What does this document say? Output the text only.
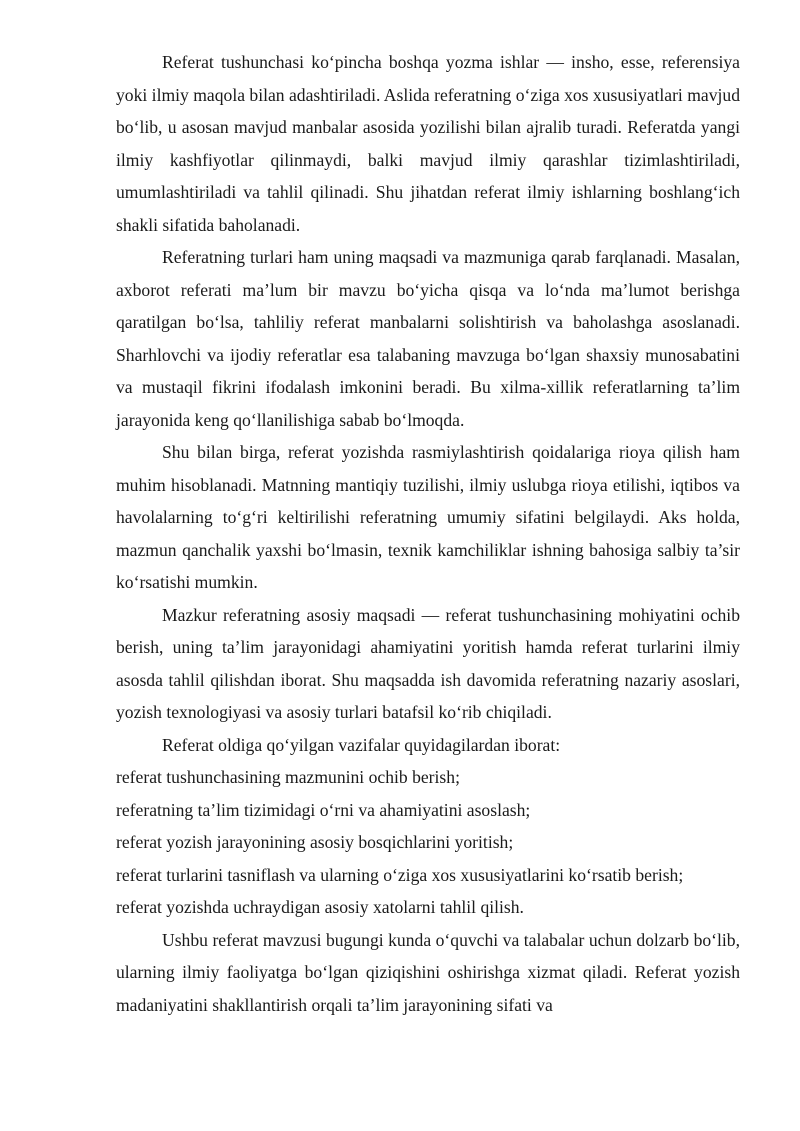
Referat tushunchasi ko‘pincha boshqa yozma ishlar — insho, esse, referensiya yoki ilmiy maqola bilan adashtiriladi. Aslida referatning o‘ziga xos xususiyatlari mavjud bo‘lib, u asosan mavjud manbalar asosida yozilishi bilan ajralib turadi. Referatda yangi ilmiy kashfiyotlar qilinmaydi, balki mavjud ilmiy qarashlar tizimlashtiriladi, umumlashtiriladi va tahlil qilinadi. Shu jihatdan referat ilmiy ishlarning boshlang‘ich shakli sifatida baholanadi.

Referatning turlari ham uning maqsadi va mazmuniga qarab farqlanadi. Masalan, axborot referati ma’lum bir mavzu bo‘yicha qisqa va lo‘nda ma’lumot berishga qaratilgan bo‘lsa, tahliliy referat manbalarni solishtirish va baholashga asoslanadi. Sharhlovchi va ijodiy referatlar esa talabaning mavzuga bo‘lgan shaxsiy munosabatini va mustaqil fikrini ifodalash imkonini beradi. Bu xilma-xillik referatlarning ta’lim jarayonida keng qo‘llanilishiga sabab bo‘lmoqda.

Shu bilan birga, referat yozishda rasmiylashtirish qoidalariga rioya qilish ham muhim hisoblanadi. Matnning mantiqiy tuzilishi, ilmiy uslubga rioya etilishi, iqtibos va havolalarning to‘g‘ri keltirilishi referatning umumiy sifatini belgilaydi. Aks holda, mazmun qanchalik yaxshi bo‘lmasin, texnik kamchiliklar ishning bahosiga salbiy ta’sir ko‘rsatishi mumkin.

Mazkur referatning asosiy maqsadi — referat tushunchasining mohiyatini ochib berish, uning ta’lim jarayonidagi ahamiyatini yoritish hamda referat turlarini ilmiy asosda tahlil qilishdan iborat. Shu maqsadda ish davomida referatning nazariy asoslari, yozish texnologiyasi va asosiy turlari batafsil ko‘rib chiqiladi.

Referat oldiga qo‘yilgan vazifalar quyidagilardan iborat:

referat tushunchasining mazmunini ochib berish;

referatning ta’lim tizimidagi o‘rni va ahamiyatini asoslash;

referat yozish jarayonining asosiy bosqichlarini yoritish;

referat turlarini tasniflash va ularning o‘ziga xos xususiyatlarini ko‘rsatib berish;

referat yozishda uchraydigan asosiy xatolarni tahlil qilish.

Ushbu referat mavzusi bugungi kunda o‘quvchi va talabalar uchun dolzarb bo‘lib, ularning ilmiy faoliyatga bo‘lgan qiziqishini oshirishga xizmat qiladi. Referat yozish madaniyatini shakllantirish orqali ta’lim jarayonining sifati va
